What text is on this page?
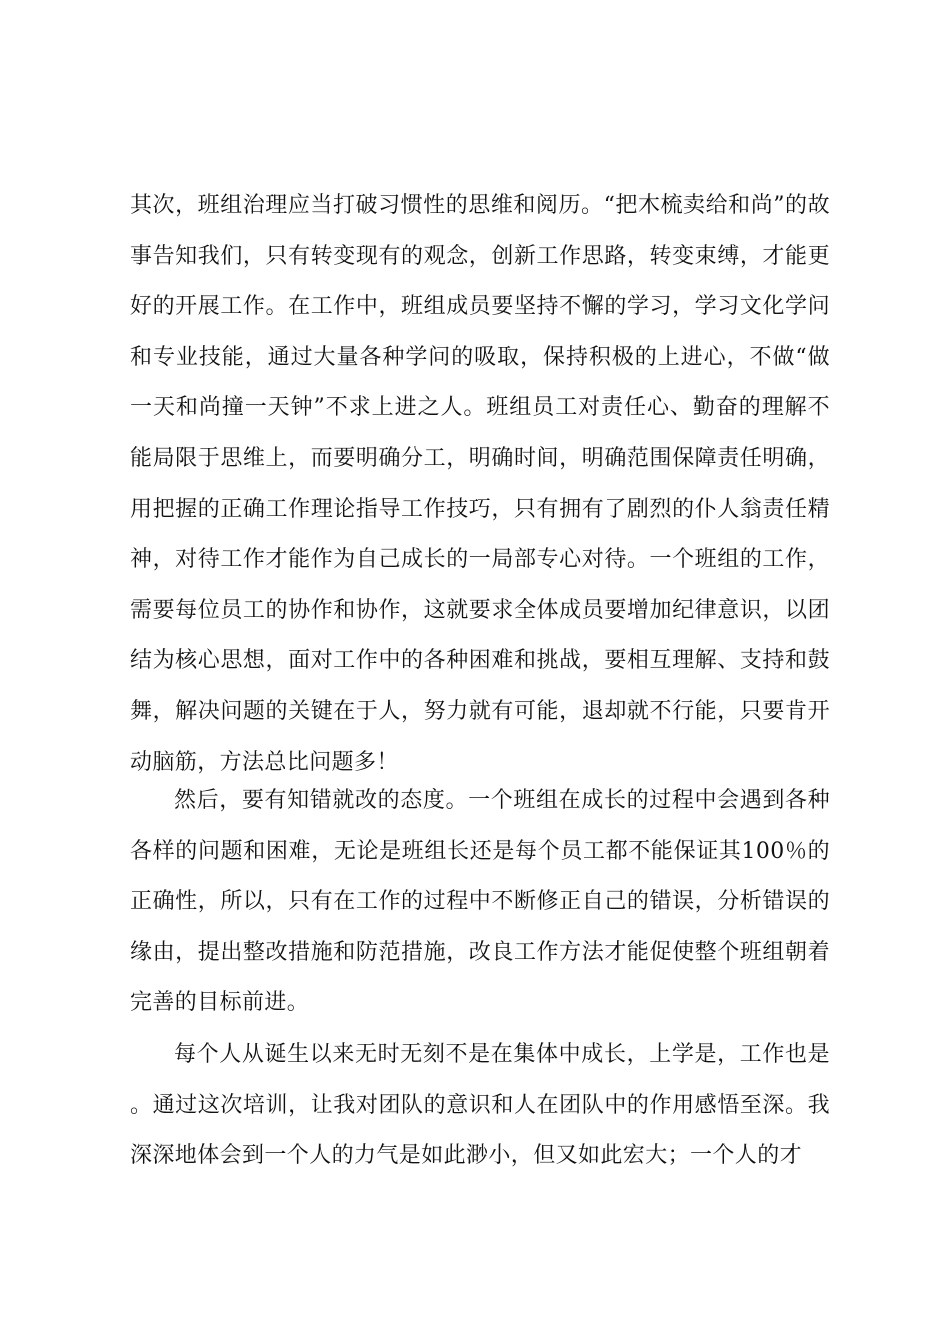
其次，班组治理应当打破习惯性的思维和阅历。“把木梳卖给和尚”的故事告知我们，只有转变现有的观念，创新工作思路，转变束缚，才能更好的开展工作。在工作中，班组成员要坚持不懈的学习，学习文化学问和专业技能，通过大量各种学问的吸取，保持积极的上进心，不做“做一天和尚撞一天钟”不求上进之人。班组员工对责任心、勤奋的理解不能局限于思维上，而要明确分工，明确时间，明确范围保障责任明确，用把握的正确工作理论指导工作技巧，只有拥有了剧烈的仆人翁责任精神，对待工作才能作为自己成长的一局部专心对待。一个班组的工作，需要每位员工的协作和协作，这就要求全体成员要增加纪律意识，以团结为核心思想，面对工作中的各种困难和挑战，要相互理解、支持和鼓舞，解决问题的关键在于人，努力就有可能，退却就不行能，只要肯开动脑筋，方法总比问题多！

然后，要有知错就改的态度。一个班组在成长的过程中会遇到各种各样的问题和困难，无论是班组长还是每个员工都不能保证其100％的正确性，所以，只有在工作的过程中不断修正自己的错误，分析错误的缘由，提出整改措施和防范措施，改良工作方法才能促使整个班组朝着完善的目标前进。

每个人从诞生以来无时无刻不是在集体中成长，上学是，工作也是。通过这次培训，让我对团队的意识和人在团队中的作用感悟至深。我深深地体会到一个人的力气是如此渺小，但又如此宏大；一个人的才
